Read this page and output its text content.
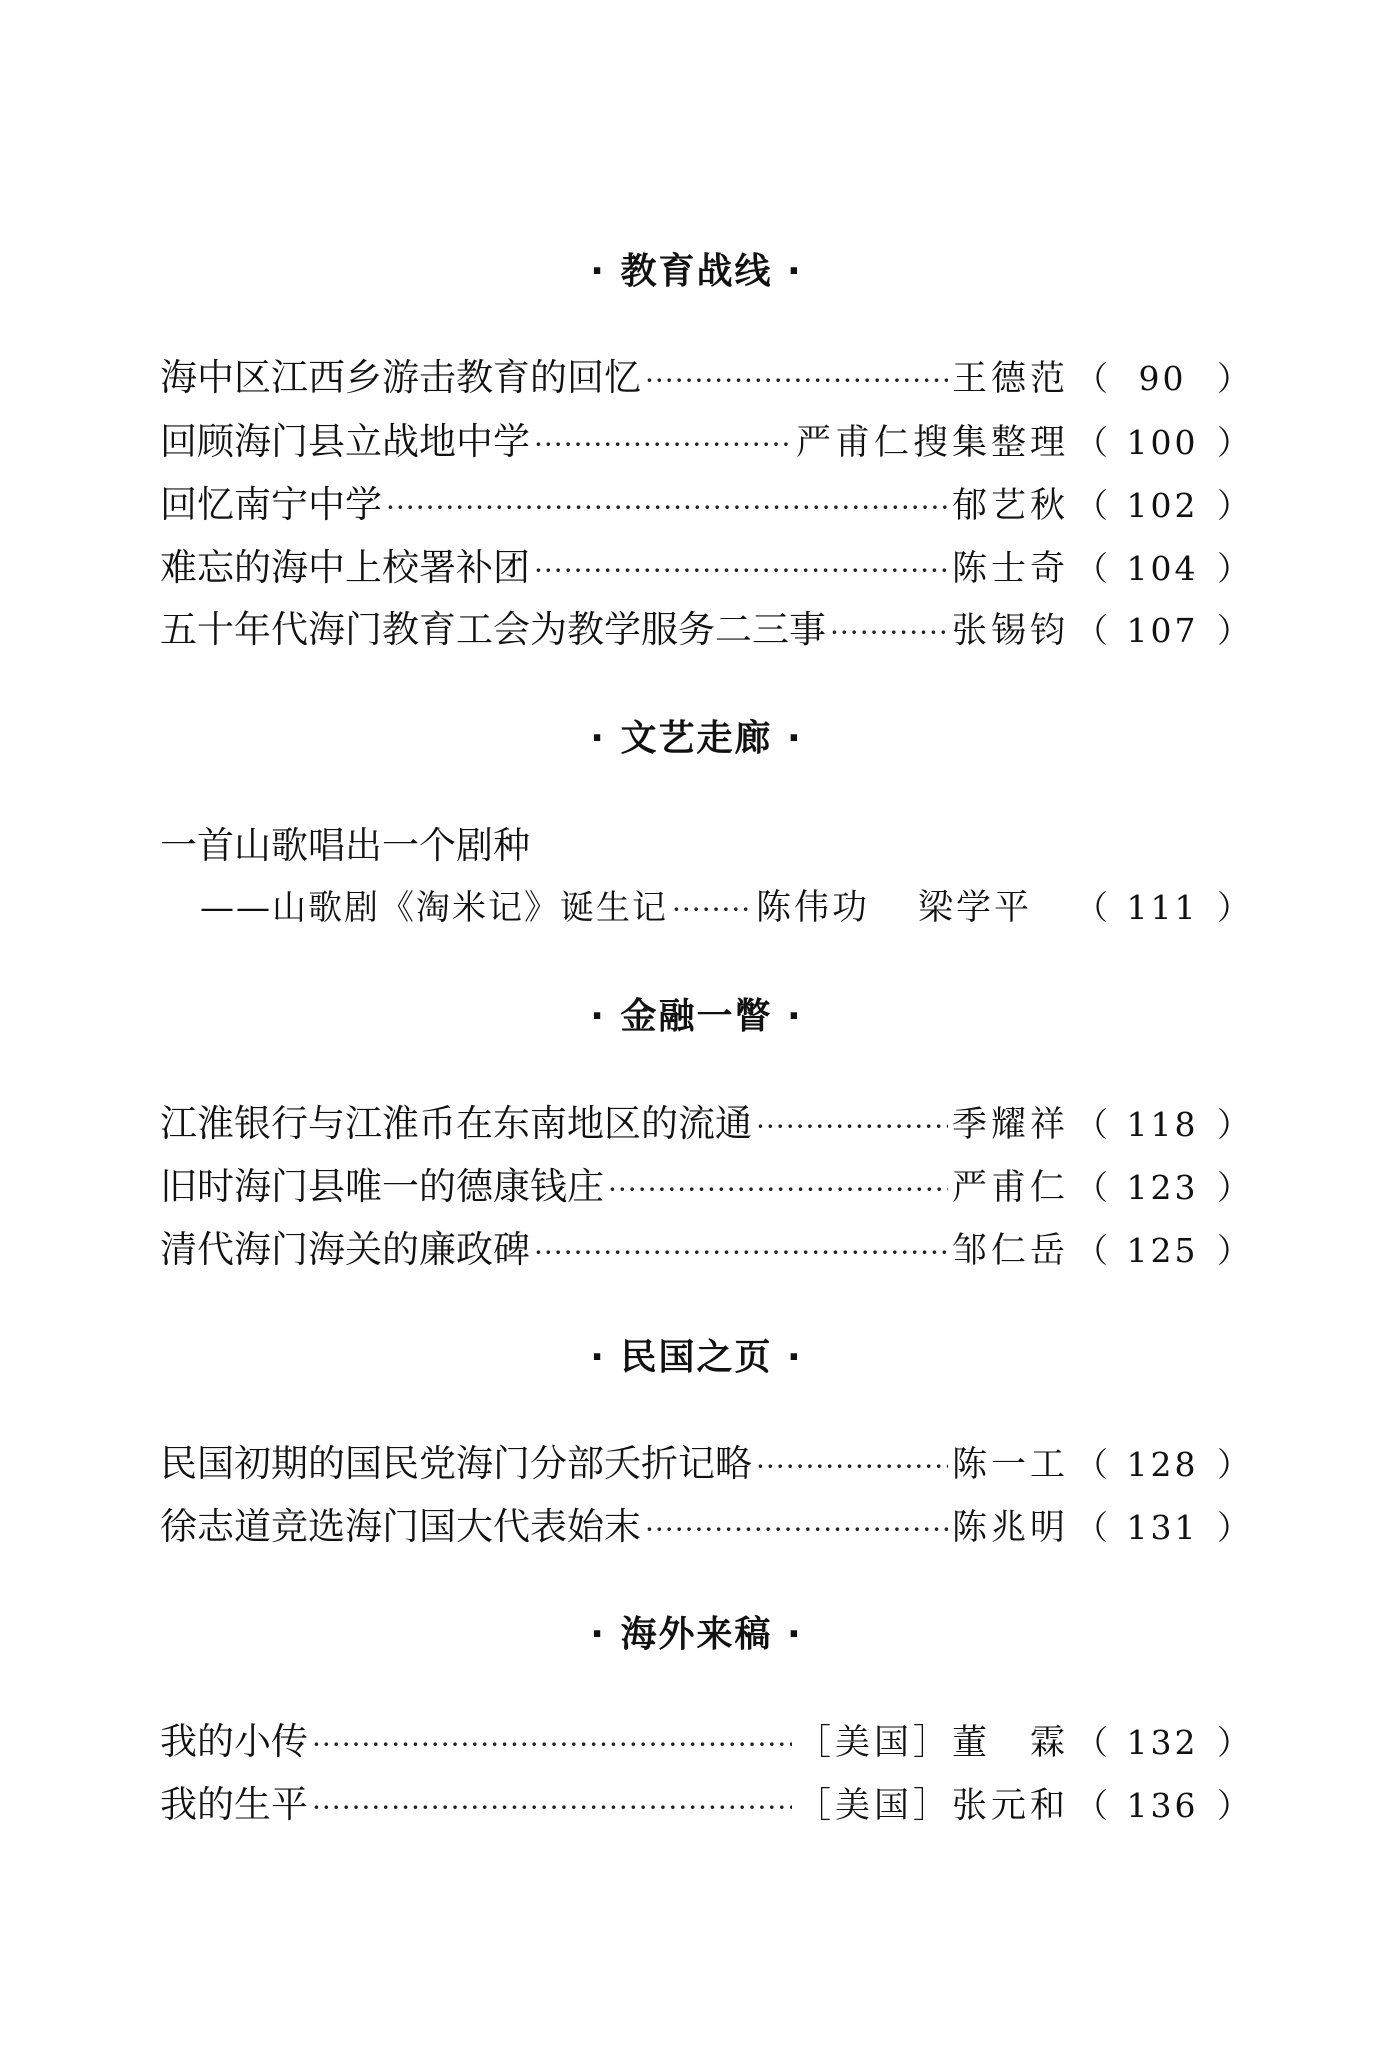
· 教育战线 ·
海中区江西乡游击教育的回忆 ·····	王德范 （ 90 ）
回顾海门县立战地中学 ·····	严甫仁搜集整理 （ 100 ）
回忆南宁中学 ·····	郁艺秋 （ 102 ）
难忘的海中上校署补团 ·····	陈士奇 （ 104 ）
五十年代海门教育工会为教学服务二三事 ·····	张锡钧 （ 107 ）
· 文艺走廊 ·
一首山歌唱出一个剧种
——山歌剧《淘米记》诞生记 ·····	陈伟功 梁学平 （ 111 ）
· 金融一瞥 ·
江淮银行与江淮币在东南地区的流通 ·····	季耀祥 （ 118 ）
旧时海门县唯一的德康钱庄 ·····	严甫仁 （ 123 ）
清代海门海关的廉政碑 ·····	邹仁岳 （ 125 ）
· 民国之页 ·
民国初期的国民党海门分部夭折记略 ·····	陈一工 （ 128 ）
徐志道竞选海门国大代表始末 ·····	陈兆明 （ 131 ）
· 海外来稿 ·
我的小传 ·····	［美国］董　霖 （ 132 ）
我的生平 ·····	［美国］张元和 （ 136 ）
